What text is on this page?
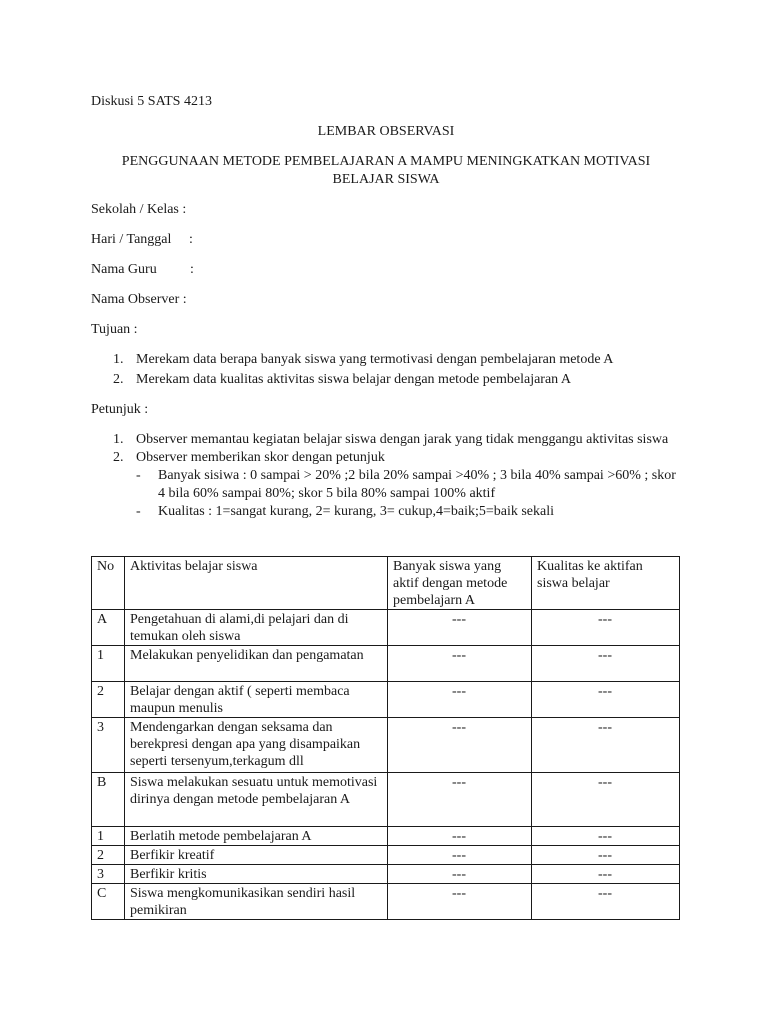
Diskusi 5 SATS 4213
LEMBAR OBSERVASI
PENGGUNAAN METODE PEMBELAJARAN A MAMPU MENINGKATKAN MOTIVASI
BELAJAR SISWA
Sekolah / Kelas :
Hari / Tanggal :
Nama Guru :
Nama Observer :
Tujuan :
1. Merekam data berapa banyak siswa yang termotivasi dengan pembelajaran metode A
2. Merekam data kualitas aktivitas siswa belajar dengan metode pembelajaran A
Petunjuk :
1. Observer memantau kegiatan belajar siswa dengan jarak yang tidak menggangu aktivitas siswa
2. Observer memberikan skor dengan petunjuk
- Banyak sisiwa : 0 sampai > 20% ;2 bila 20% sampai >40% ; 3 bila 40% sampai >60% ; skor 4 bila 60% sampai 80%; skor 5 bila 80% sampai 100% aktif
- Kualitas : 1=sangat kurang, 2= kurang, 3= cukup,4=baik;5=baik sekali
No	Aktivitas belajar siswa	Banyak siswa yang aktif dengan metode pembelajarn A	Kualitas ke aktifan siswa belajar
A	Pengetahuan di alami,di pelajari dan di temukan oleh siswa	---	---
1	Melakukan penyelidikan dan pengamatan	---	---
2	Belajar dengan aktif ( seperti membaca maupun menulis	---	---
3	Mendengarkan dengan seksama dan berekpresi dengan apa yang disampaikan seperti tersenyum,terkagum dll	---	---
B	Siswa melakukan sesuatu untuk memotivasi dirinya dengan metode pembelajaran A	---	---
1	Berlatih metode pembelajaran A	---	---
2	Berfikir kreatif	---	---
3	Berfikir kritis	---	---
C	Siswa mengkomunikasikan sendiri hasil pemikiran	---	---
